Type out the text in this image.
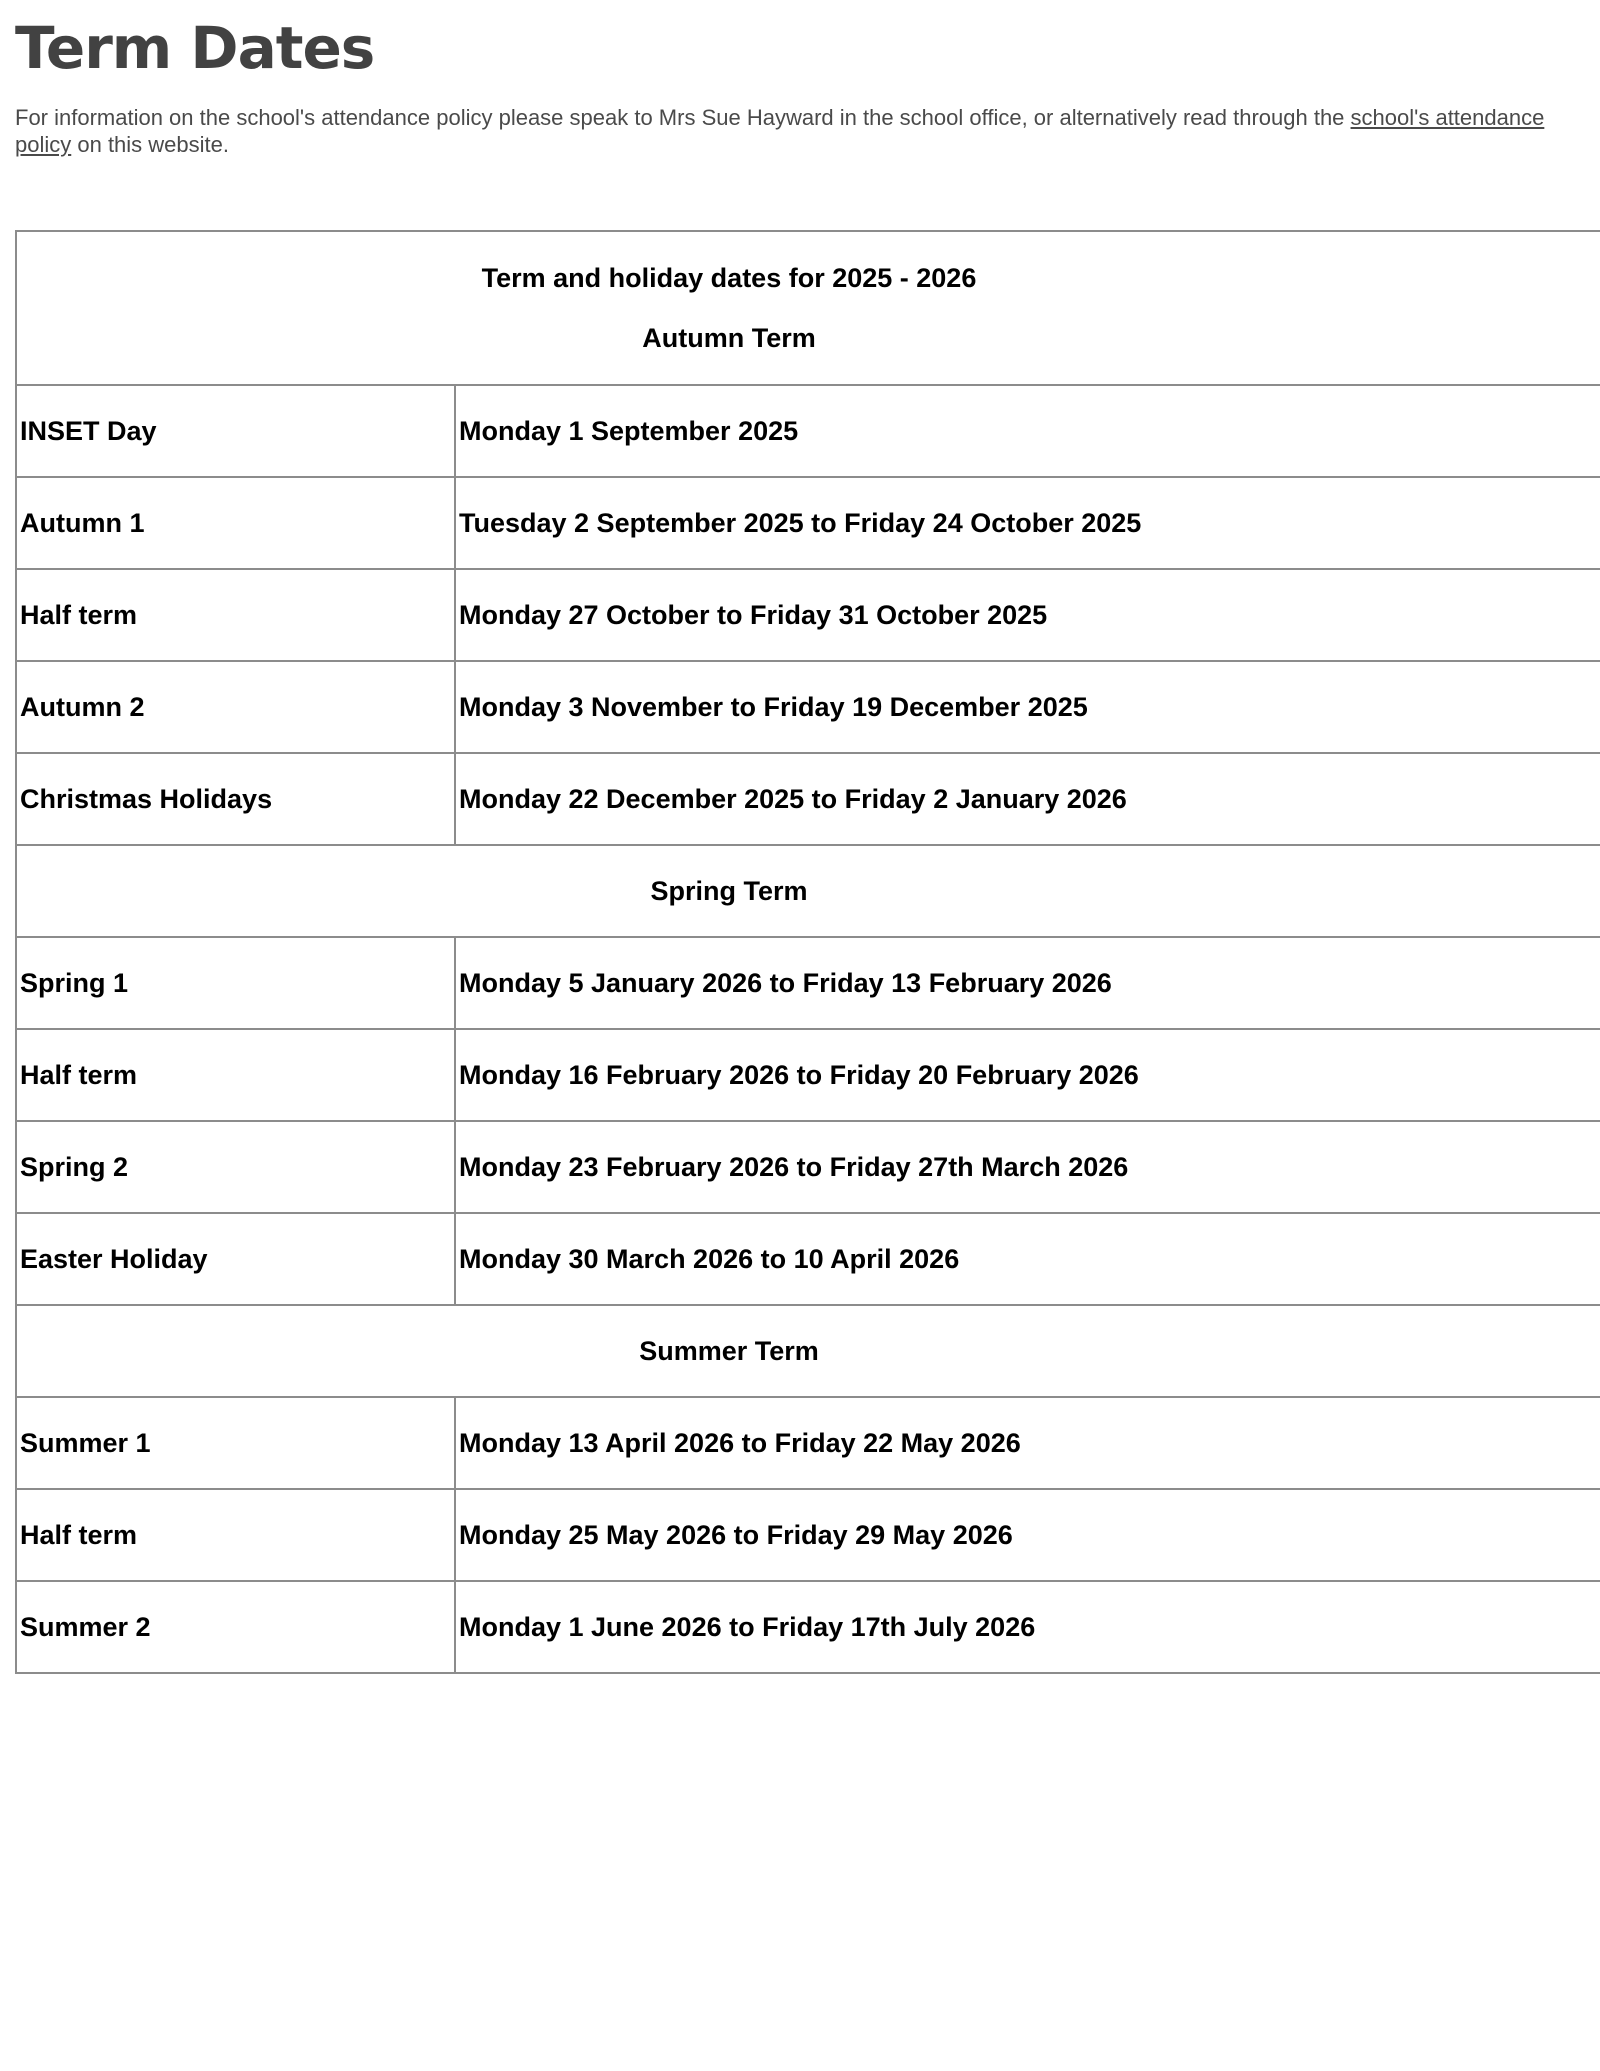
Term Dates

For information on the school's attendance policy please speak to Mrs Sue Hayward in the school office, or alternatively read through the school's attendance policy on this website.

Term and holiday dates for 2025 - 2026
Autumn Term	

INSET Day	Monday 1 September 2025
Autumn 1	Tuesday 2 September 2025 to Friday 24 October 2025
Half term	Monday 27 October to Friday 31 October 2025
Autumn 2	Monday 3 November to Friday 19 December 2025
Christmas Holidays	Monday 22 December 2025 to Friday 2 January 2026
Spring Term	
Spring 1	Monday 5 January 2026 to Friday 13 February 2026
Half term	Monday 16 February 2026 to Friday 20 February 2026
Spring 2	Monday 23 February 2026 to Friday 27th March 2026
Easter Holiday	Monday 30 March 2026 to 10 April 2026
Summer Term	
Summer 1	Monday 13 April 2026 to Friday 22 May 2026
Half term	Monday 25 May 2026 to Friday 29 May 2026
Summer 2	Monday 1 June 2026 to Friday 17th July 2026
